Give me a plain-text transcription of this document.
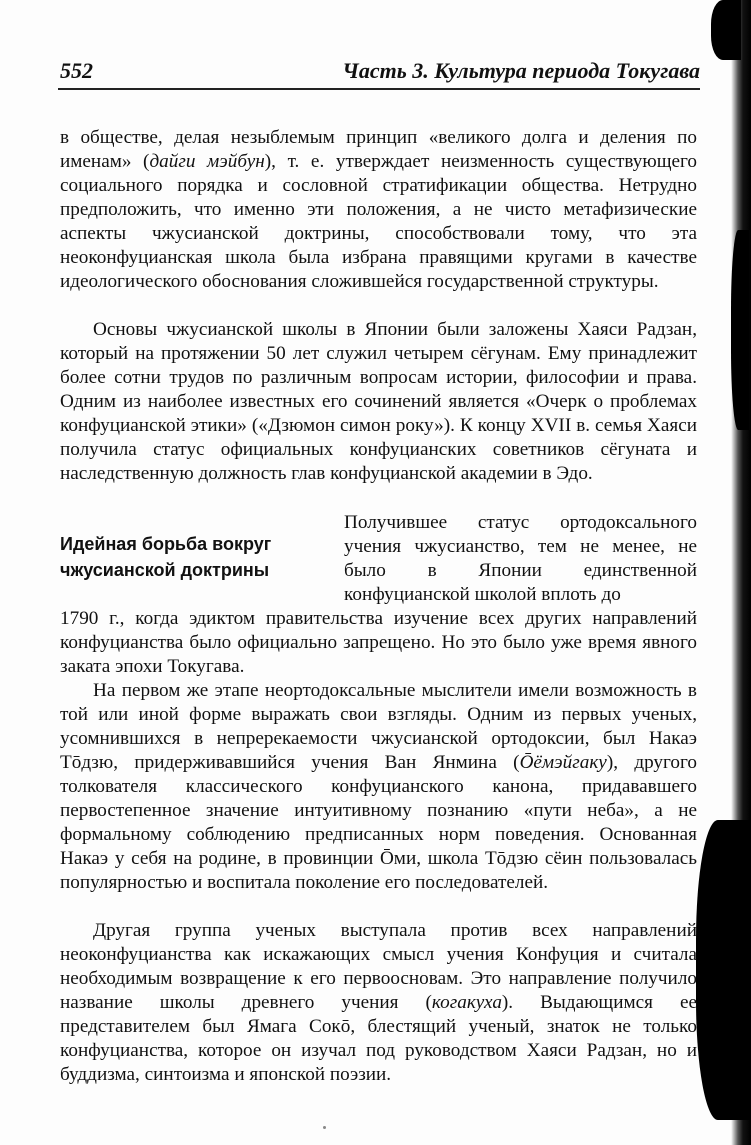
552	Часть 3. Культура периода Токугава

в обществе, делая незыблемым принцип «великого долга и деления по именам» (дайги мэйбун), т. е. утверждает неизменность существующего социального порядка и сословной стратификации общества. Нетрудно предположить, что именно эти положения, а не чисто метафизические аспекты чжусианской доктрины, способствовали тому, что эта неоконфуцианская школа была избрана правящими кругами в качестве идеологического обоснования сложившейся государственной структуры.

Основы чжусианской школы в Японии были заложены Хаяси Радзан, который на протяжении 50 лет служил четырем сёгунам. Ему принадлежит более сотни трудов по различным вопросам истории, философии и права. Одним из наиболее известных его сочинений является «Очерк о проблемах конфуцианской этики» («Дзюмон симон року»). К концу XVII в. семья Хаяси получила статус официальных конфуцианских советников сёгуната и наследственную должность глав конфуцианской академии в Эдо.

Идейная борьба вокруг чжусианской доктрины

Получившее статус ортодоксального учения чжусианство, тем не менее, не было в Японии единственной конфуцианской школой вплоть до

1790 г., когда эдиктом правительства изучение всех других направлений конфуцианства было официально запрещено. Но это было уже время явного заката эпохи Токугава.

На первом же этапе неортодоксальные мыслители имели возможность в той или иной форме выражать свои взгляды. Одним из первых ученых, усомнившихся в непререкаемости чжусианской ортодоксии, был Накаэ Тōдзю, придерживавшийся учения Ван Янмина (Ōёмэйгаку), другого толкователя классического конфуцианского канона, придававшего первостепенное значение интуитивному познанию «пути неба», а не формальному соблюдению предписанных норм поведения. Основанная Накаэ у себя на родине, в провинции Ōми, школа Тōдзю сёин пользовалась популярностью и воспитала поколение его последователей.

Другая группа ученых выступала против всех направлений неоконфуцианства как искажающих смысл учения Конфуция и считала необходимым возвращение к его первоосновам. Это направление получило название школы древнего учения (когакуха). Выдающимся ее представителем был Ямага Сокō, блестящий ученый, знаток не только конфуцианства, которое он изучал под руководством Хаяси Радзан, но и буддизма, синтоизма и японской поэзии.
